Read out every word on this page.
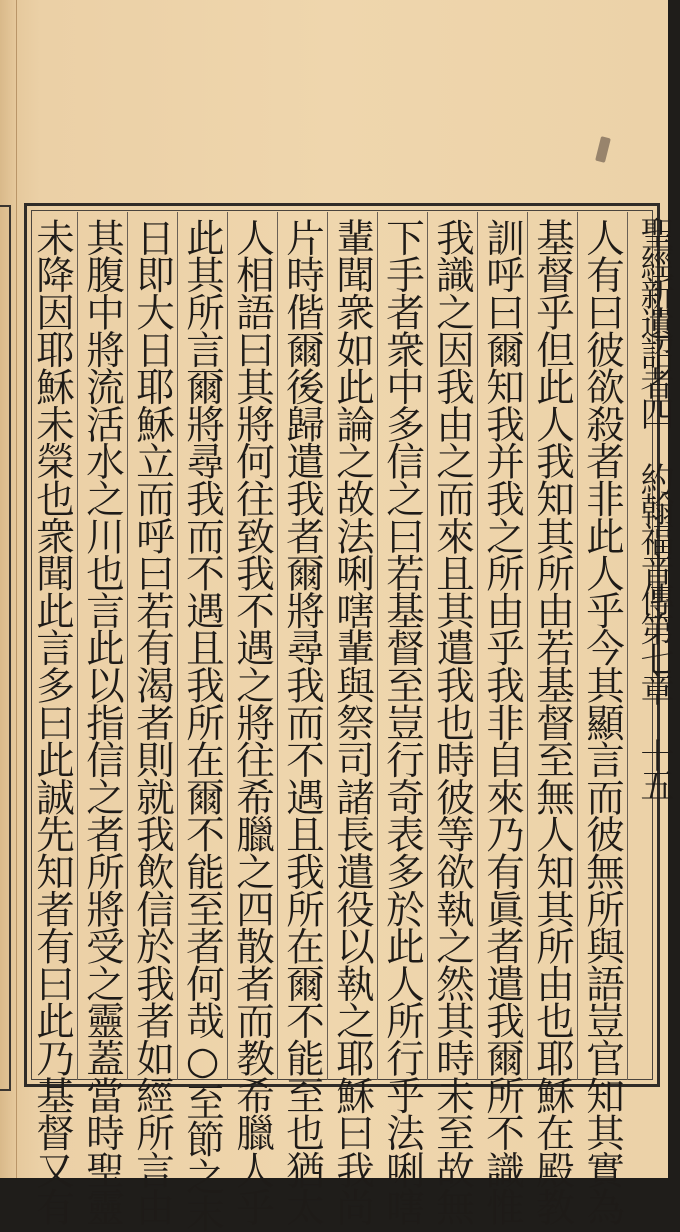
聖經新遺詔者四 約翰福音傳第七章 十五
人有曰彼欲殺者非此人乎今其顯言而彼無所與語豈官知其實為
基督乎但此人我知其所由若基督至無人知其所由也耶穌在殿教
訓呼曰爾知我并我之所由乎我非自來乃有眞者遣我爾所不識惟
我識之因我由之而來且其遣我也時彼等欲執之然其時未至故無
下手者衆中多信之曰若基督至豈行奇表多於此人所行乎法唎嗐
輩聞衆如此論之故法唎嗐輩與祭司諸長遣役以執之耶穌曰我尚
片時偕爾後歸遣我者爾將尋我而不遇且我所在爾不能至也猶太
人相語曰其將何往致我不遇之將往希臘之四散者而教希臘人乎
此其所言爾將尋我而不遇且我所在爾不能至者何哉○至節之末
日即大日耶穌立而呼曰若有渴者則就我飲信於我者如經所言由
其腹中將流活水之川也言此以指信之者所將受之靈蓋當時聖靈
未降因耶穌未榮也衆聞此言多曰此誠先知者有曰此乃基督又有
